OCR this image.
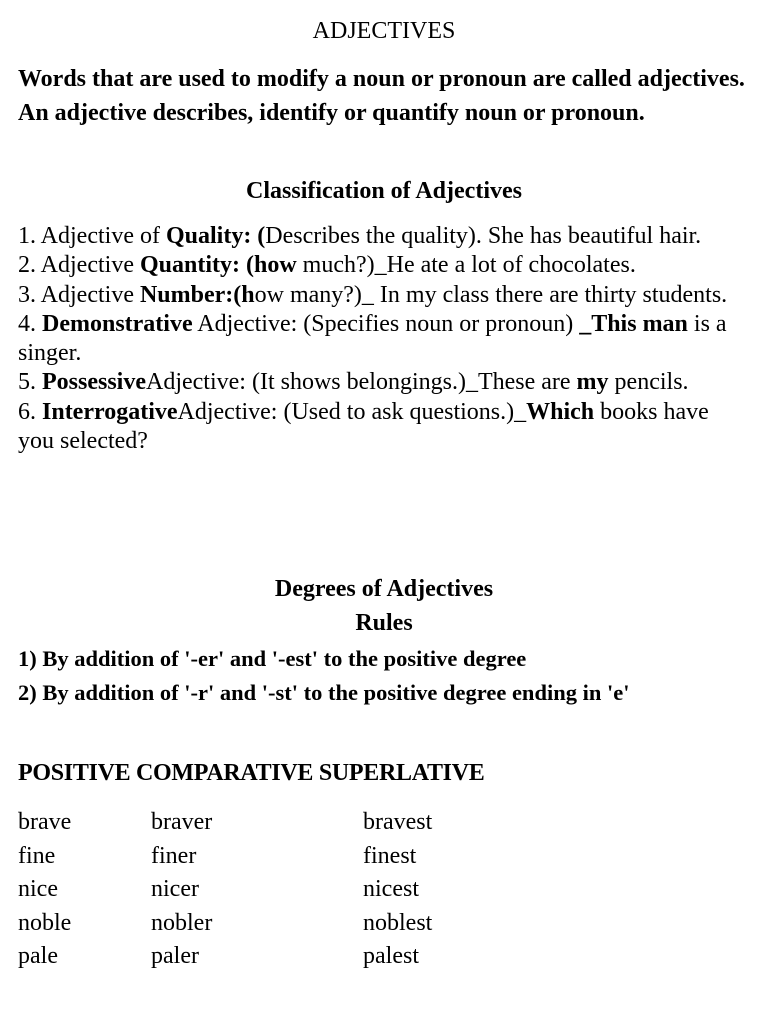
ADJECTIVES
Words that are used to modify a noun or pronoun are called adjectives. An adjective describes, identify or quantify noun or pronoun.
Classification of Adjectives
1. Adjective of Quality: (Describes the quality). She has beautiful hair.
2. Adjective Quantity: (how much?)_He ate a lot of chocolates.
3. Adjective Number:(how many?)_ In my class there are thirty students.
4. Demonstrative Adjective: (Specifies noun or pronoun) _This man is a singer.
5. PossessiveAdjective: (It shows belongings.)_These are my pencils.
6. InterrogativeAdjective: (Used to ask questions.)_Which books have you selected?
Degrees of Adjectives
Rules
1) By addition of '-er' and '-est' to the positive degree
2) By addition of '-r' and '-st' to the positive degree ending in 'e'
POSITIVE COMPARATIVE SUPERLATIVE
brave	braver	bravest
fine	finer	finest
nice	nicer	nicest
noble	nobler	noblest
pale	paler	palest
